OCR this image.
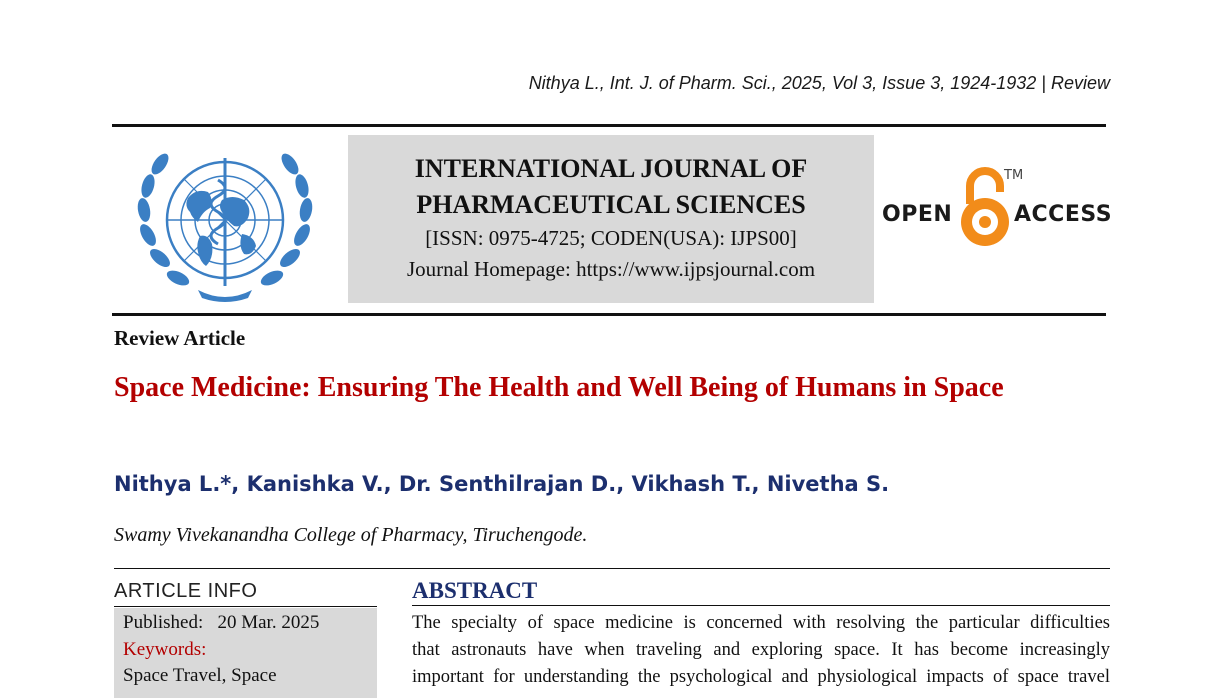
Nithya L., Int. J. of Pharm. Sci., 2025, Vol 3, Issue 3, 1924-1932 | Review
INTERNATIONAL JOURNAL OF
PHARMACEUTICAL SCIENCES
[ISSN: 0975-4725; CODEN(USA): IJPS00]
Journal Homepage: https://www.ijpsjournal.com
OPEN
TM
ACCESS
Review Article
Space Medicine: Ensuring The Health and Well Being of Humans in Space
Nithya L.*, Kanishka V., Dr. Senthilrajan D., Vikhash T., Nivetha S.
Swamy Vivekanandha College of Pharmacy, Tiruchengode.
ARTICLE INFO
Published: 20 Mar. 2025
Keywords:
Space Travel, Space
ABSTRACT
The specialty of space medicine is concerned with resolving the particular difficulties
that astronauts have when traveling and exploring space. It has become increasingly
important for understanding the psychological and physiological impacts of space travel
